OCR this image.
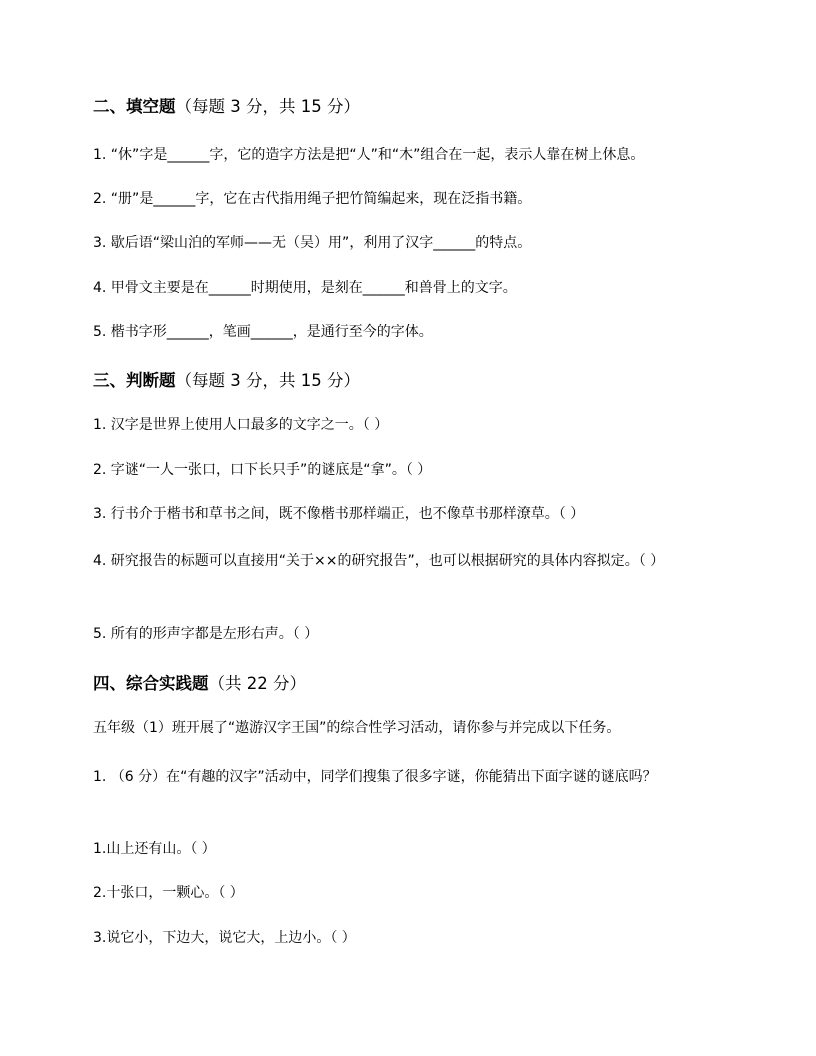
二、填空题（每题 3 分，共 15 分）
1. “休”字是______字，它的造字方法是把“人”和“木”组合在一起，表示人靠在树上休息。
2. “册”是______字，它在古代指用绳子把竹简编起来，现在泛指书籍。
3. 歇后语“梁山泊的军师——无（吴）用”，利用了汉字______的特点。
4. 甲骨文主要是在______时期使用，是刻在______和兽骨上的文字。
5. 楷书字形______，笔画______，是通行至今的字体。
三、判断题（每题 3 分，共 15 分）
1. 汉字是世界上使用人口最多的文字之一。（ ）
2. 字谜“一人一张口，口下长只手”的谜底是“拿”。（ ）
3. 行书介于楷书和草书之间，既不像楷书那样端正，也不像草书那样潦草。（ ）
4. 研究报告的标题可以直接用“关于××的研究报告”，也可以根据研究的具体内容拟定。（ ）
5. 所有的形声字都是左形右声。（ ）
四、综合实践题（共 22 分）
五年级（1）班开展了“遨游汉字王国”的综合性学习活动，请你参与并完成以下任务。
1. （6 分）在“有趣的汉字”活动中，同学们搜集了很多字谜，你能猜出下面字谜的谜底吗？
1.山上还有山。（ ）
2.十张口，一颗心。（ ）
3.说它小，下边大，说它大，上边小。（ ）
